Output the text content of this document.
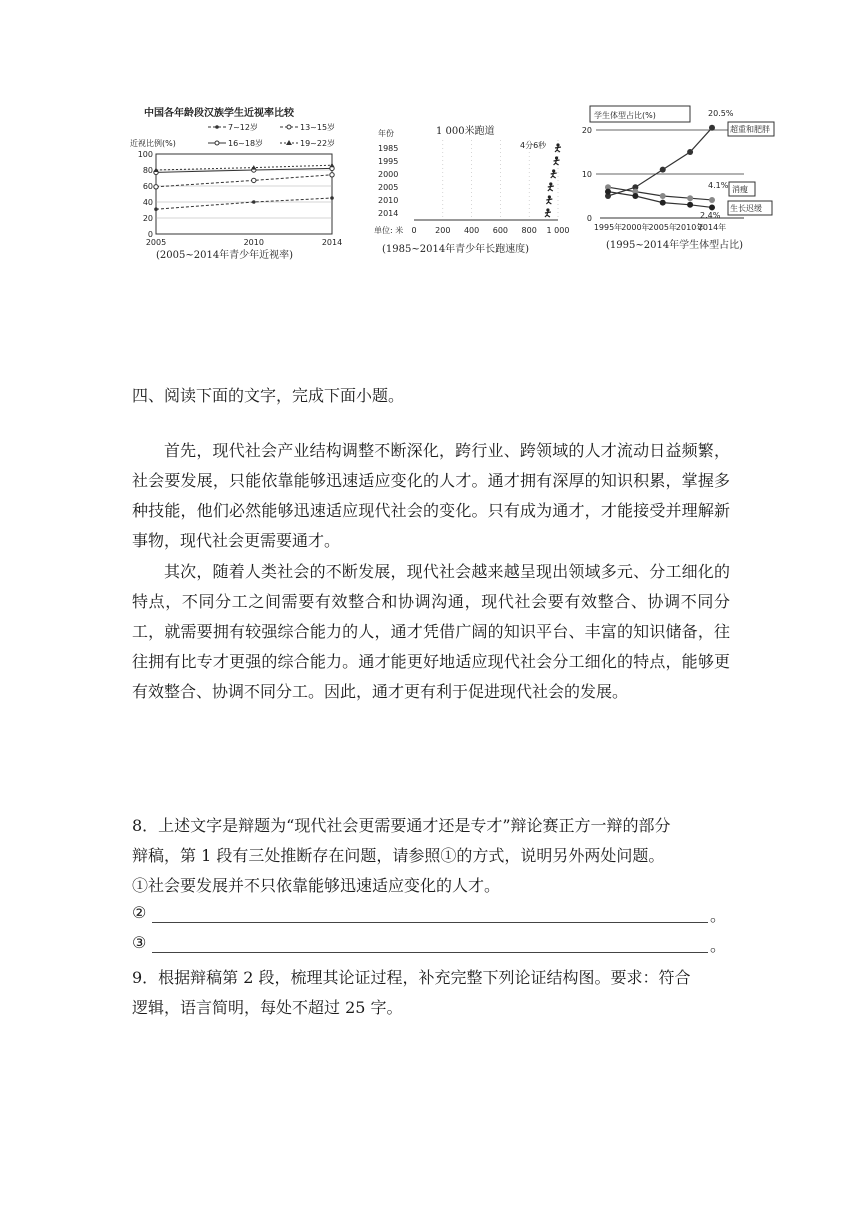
中国各年龄段汉族学生近视率比较
7~12岁	13~15岁
16~18岁	19~22岁
近视比例(%)
100
80
60
40
20
0
2005	2010	2014
(2005~2014年青少年近视率)
1 000米跑道
年份
4分6秒
1985
1995
2000
2005
2010
2014
单位: 米 0 200 400 600 800 1 000
(1985~2014年青少年长跑速度)
学生体型占比(%)
20
10
0
超重和肥胖
消瘦
生长迟缓
20.5%
4.1%
2.4%
1995年 2000年 2005年 2010年
2014年
(1995~2014年学生体型占比)
四、阅读下面的文字，完成下面小题。

首先，现代社会产业结构调整不断深化，跨行业、跨领域的人才流动日益频繁，社会要发展，只能依靠能够迅速适应变化的人才。通才拥有深厚的知识积累，掌握多种技能，他们必然能够迅速适应现代社会的变化。只有成为通才，才能接受并理解新事物，现代社会更需要通才。

其次，随着人类社会的不断发展，现代社会越来越呈现出领域多元、分工细化的特点，不同分工之间需要有效整合和协调沟通，现代社会要有效整合、协调不同分工，就需要拥有较强综合能力的人，通才凭借广阔的知识平台、丰富的知识储备，往往拥有比专才更强的综合能力。通才能更好地适应现代社会分工细化的特点，能够更有效整合、协调不同分工。因此，通才更有利于促进现代社会的发展。

8．上述文字是辩题为“现代社会更需要通才还是专才”辩论赛正方一辩的部分
辩稿，第 1 段有三处推断存在问题，请参照①的方式，说明另外两处问题。
①社会要发展并不只依靠能够迅速适应变化的人才。
②	。
③	。
9．根据辩稿第 2 段，梳理其论证过程，补充完整下列论证结构图。要求：符合
逻辑，语言简明，每处不超过 25 字。
